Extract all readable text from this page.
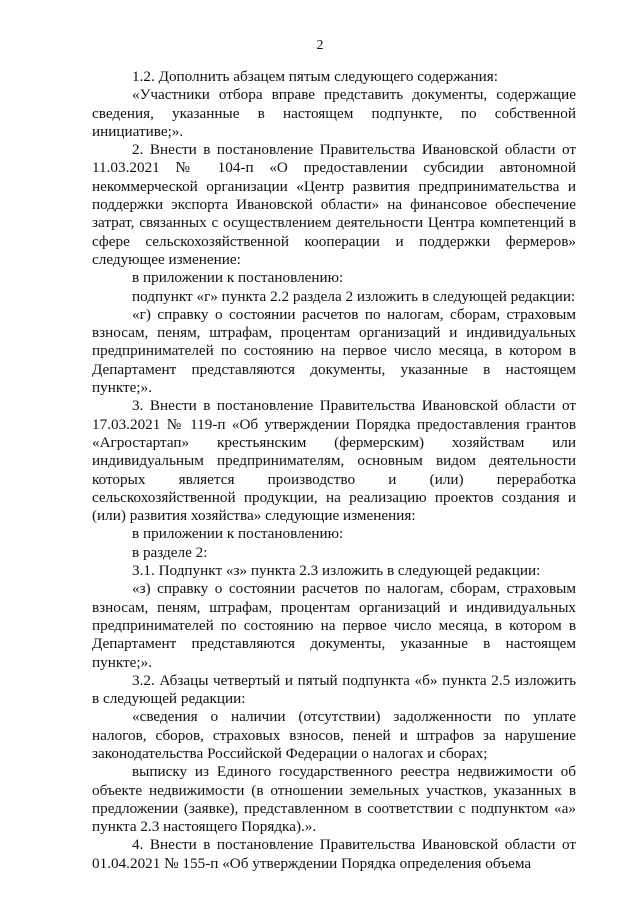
2

1.2. Дополнить абзацем пятым следующего содержания:

«Участники отбора вправе представить документы, содержащие сведения, указанные в настоящем подпункте, по собственной инициативе;».

2. Внести в постановление Правительства Ивановской области от 11.03.2021 № 104-п «О предоставлении субсидии автономной некоммерческой организации «Центр развития предпринимательства и поддержки экспорта Ивановской области» на финансовое обеспечение затрат, связанных с осуществлением деятельности Центра компетенций в сфере сельскохозяйственной кооперации и поддержки фермеров» следующее изменение:

в приложении к постановлению:

подпункт «г» пункта 2.2 раздела 2 изложить в следующей редакции:

«г) справку о состоянии расчетов по налогам, сборам, страховым взносам, пеням, штрафам, процентам организаций и индивидуальных предпринимателей по состоянию на первое число месяца, в котором в Департамент представляются документы, указанные в настоящем пункте;».

3. Внести в постановление Правительства Ивановской области от 17.03.2021 № 119-п «Об утверждении Порядка предоставления грантов «Агростартап» крестьянским (фермерским) хозяйствам или индивидуальным предпринимателям, основным видом деятельности которых является производство и (или) переработка сельскохозяйственной продукции, на реализацию проектов создания и (или) развития хозяйства» следующие изменения:

в приложении к постановлению:

в разделе 2:

3.1. Подпункт «з» пункта 2.3 изложить в следующей редакции:

«з) справку о состоянии расчетов по налогам, сборам, страховым взносам, пеням, штрафам, процентам организаций и индивидуальных предпринимателей по состоянию на первое число месяца, в котором в Департамент представляются документы, указанные в настоящем пункте;».

3.2. Абзацы четвертый и пятый подпункта «б» пункта 2.5 изложить в следующей редакции:

«сведения о наличии (отсутствии) задолженности по уплате налогов, сборов, страховых взносов, пеней и штрафов за нарушение законодательства Российской Федерации о налогах и сборах;

выписку из Единого государственного реестра недвижимости об объекте недвижимости (в отношении земельных участков, указанных в предложении (заявке), представленном в соответствии с подпунктом «а» пункта 2.3 настоящего Порядка).».

4. Внести в постановление Правительства Ивановской области от 01.04.2021 № 155-п «Об утверждении Порядка определения объема
